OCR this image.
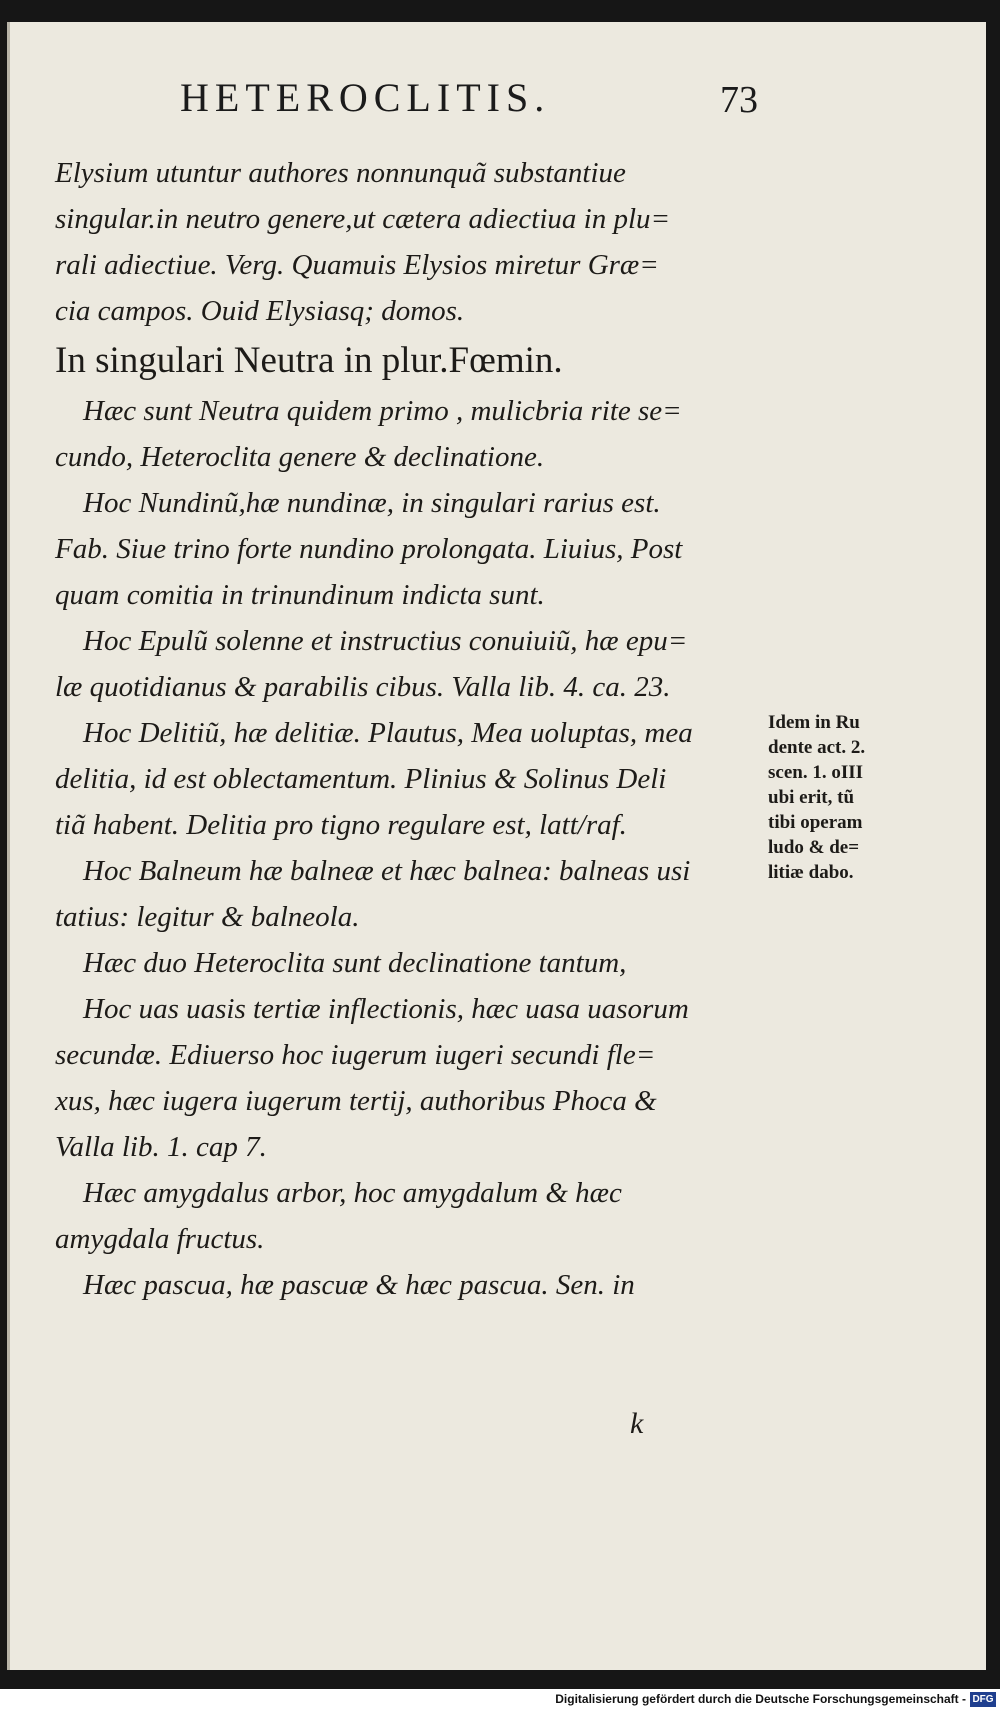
HETEROCLITIS.	73
Elysium utuntur authores nonnunquã substantiue
singular.in neutro genere,ut cætera adiectiua in plu=
rali adiectiue. Verg. Quamuis Elysios miretur Græ=
cia campos. Ouid Elysiasq; domos.
In singulari Neutra in plur.Fœmin.
Hæc sunt Neutra quidem primo , mulicbria rite se=
cundo, Heteroclita genere & declinatione.
Hoc Nundinũ,hæ nundinæ, in singulari rarius est.
Fab. Siue trino forte nundino prolongata. Liuius, Post
quam comitia in trinundinum indicta sunt.
Hoc Epulũ solenne et instructius conuiuiũ, hæ epu=
læ quotidianus & parabilis cibus. Valla lib. 4. ca. 23.
Hoc Delitiũ, hæ delitiæ. Plautus, Mea uoluptas, mea
delitia, id est oblectamentum. Plinius & Solinus Deli
tiã habent. Delitia pro tigno regulare est, latt/raf.
Hoc Balneum hæ balneæ et hæc balnea: balneas usi
tatius: legitur & balneola.
Hæc duo Heteroclita sunt declinatione tantum,
Hoc uas uasis tertiæ inflectionis, hæc uasa uasorum
secundæ. Ediuerso hoc iugerum iugeri secundi fle=
xus, hæc iugera iugerum tertij, authoribus Phoca &
Valla lib. 1. cap 7.
Hæc amygdalus arbor, hoc amygdalum & hæc
amygdala fructus.
Hæc pascua, hæ pascuæ & hæc pascua. Sen. in
k
Idem in Ru
dente act. 2.
scen. 1. oIII
ubi erit, tũ
tibi operam
ludo & de=
litiæ dabo.
Digitalisierung gefördert durch die Deutsche Forschungsgemeinschaft - DFG
